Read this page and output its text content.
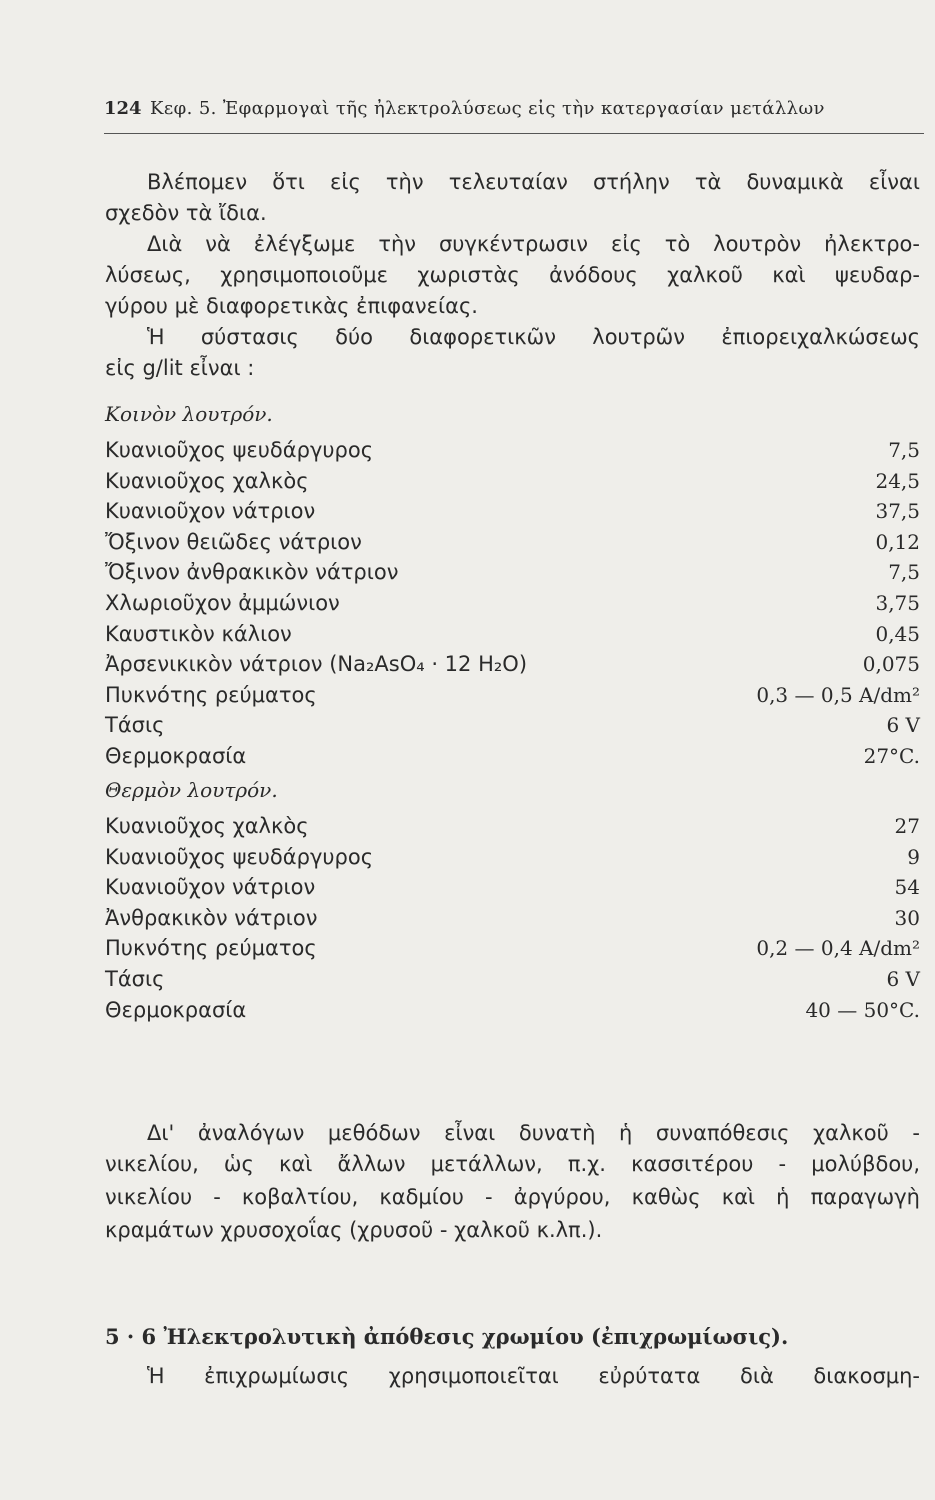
124 Κεφ. 5. Ἐφαρμογαὶ τῆς ἠλεκτρολύσεως εἰς τὴν κατεργασίαν μετάλλων
Βλέπομεν ὅτι εἰς τὴν τελευταίαν στήλην τὰ δυναμικὰ εἶναι
σχεδὸν τὰ ἴδια.
Διὰ νὰ ἐλέγξωμε τὴν συγκέντρωσιν εἰς τὸ λουτρὸν ἠλεκτρο-
λύσεως, χρησιμοποιοῦμε χωριστὰς ἀνόδους χαλκοῦ καὶ ψευδαρ-
γύρου μὲ διαφορετικὰς ἐπιφανείας.
Ἡ σύστασις δύο διαφορετικῶν λουτρῶν ἐπιορειχαλκώσεως
εἰς g/lit εἶναι :
Κοινὸν λουτρόν.
Κυανιοῦχος ψευδάργυρος	7,5
Κυανιοῦχος χαλκὸς	24,5
Κυανιοῦχον νάτριον	37,5
Ὄξινον θειῶδες νάτριον	0,12
Ὄξινον ἀνθρακικὸν νάτριον	7,5
Χλωριοῦχον ἀμμώνιον	3,75
Καυστικὸν κάλιον	0,45
Ἀρσενικικὸν νάτριον (Na₂AsO₄ · 12 H₂O)	0,075
Πυκνότης ρεύματος	0,3 — 0,5 A/dm²
Τάσις	6 V
Θερμοκρασία	27°C.
Θερμὸν λουτρόν.
Κυανιοῦχος χαλκὸς	27
Κυανιοῦχος ψευδάργυρος	9
Κυανιοῦχον νάτριον	54
Ἀνθρακικὸν νάτριον	30
Πυκνότης ρεύματος	0,2 — 0,4 A/dm²
Τάσις	6 V
Θερμοκρασία	40 — 50°C.
Δι' ἀναλόγων μεθόδων εἶναι δυνατὴ ἡ συναπόθεσις χαλκοῦ -
νικελίου, ὡς καὶ ἄλλων μετάλλων, π.χ. κασσιτέρου - μολύβδου,
νικελίου - κοβαλτίου, καδμίου - ἀργύρου, καθὼς καὶ ἡ παραγωγὴ
κραμάτων χρυσοχοΐας (χρυσοῦ - χαλκοῦ κ.λπ.).
5 · 6 Ἠλεκτρολυτικὴ ἀπόθεσις χρωμίου (ἐπιχρωμίωσις).
Ἡ ἐπιχρωμίωσις χρησιμοποιεῖται εὐρύτατα διὰ διακοσμη-
